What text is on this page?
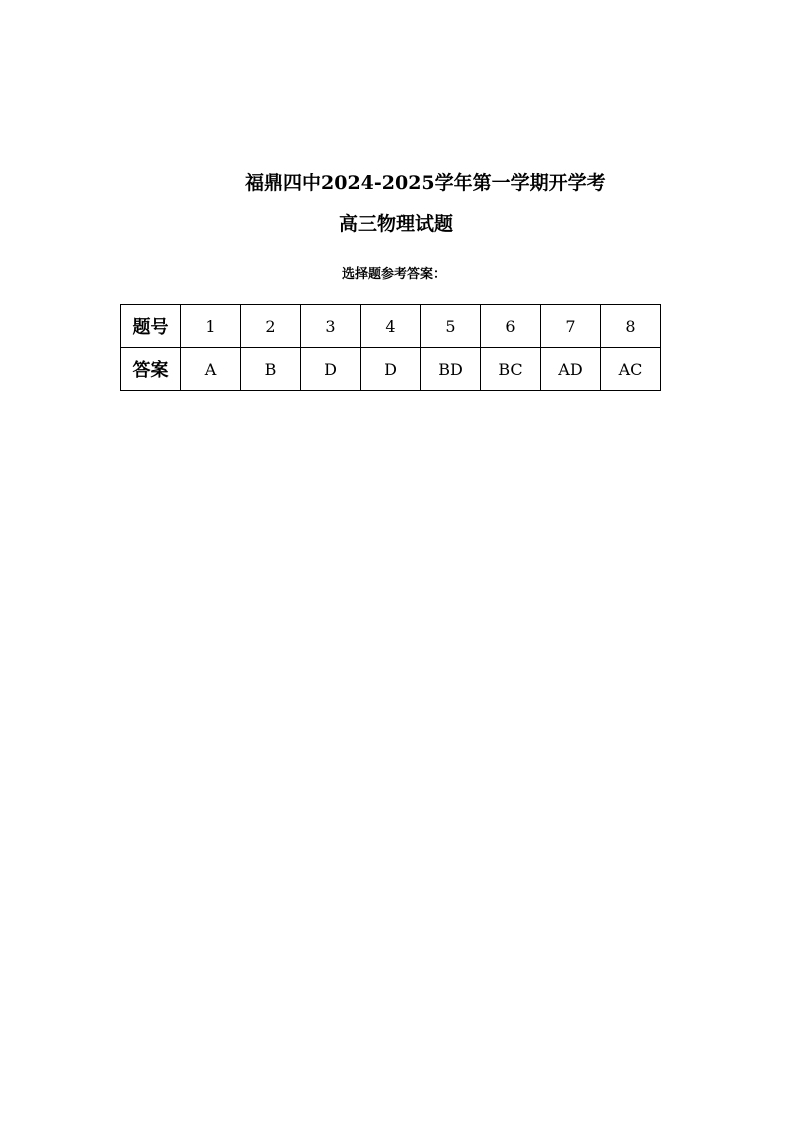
福鼎四中2024-2025学年第一学期开学考
高三物理试题
选择题参考答案：
题号	1	2	3	4	5	6	7	8
答案	A	B	D	D	BD	BC	AD	AC
